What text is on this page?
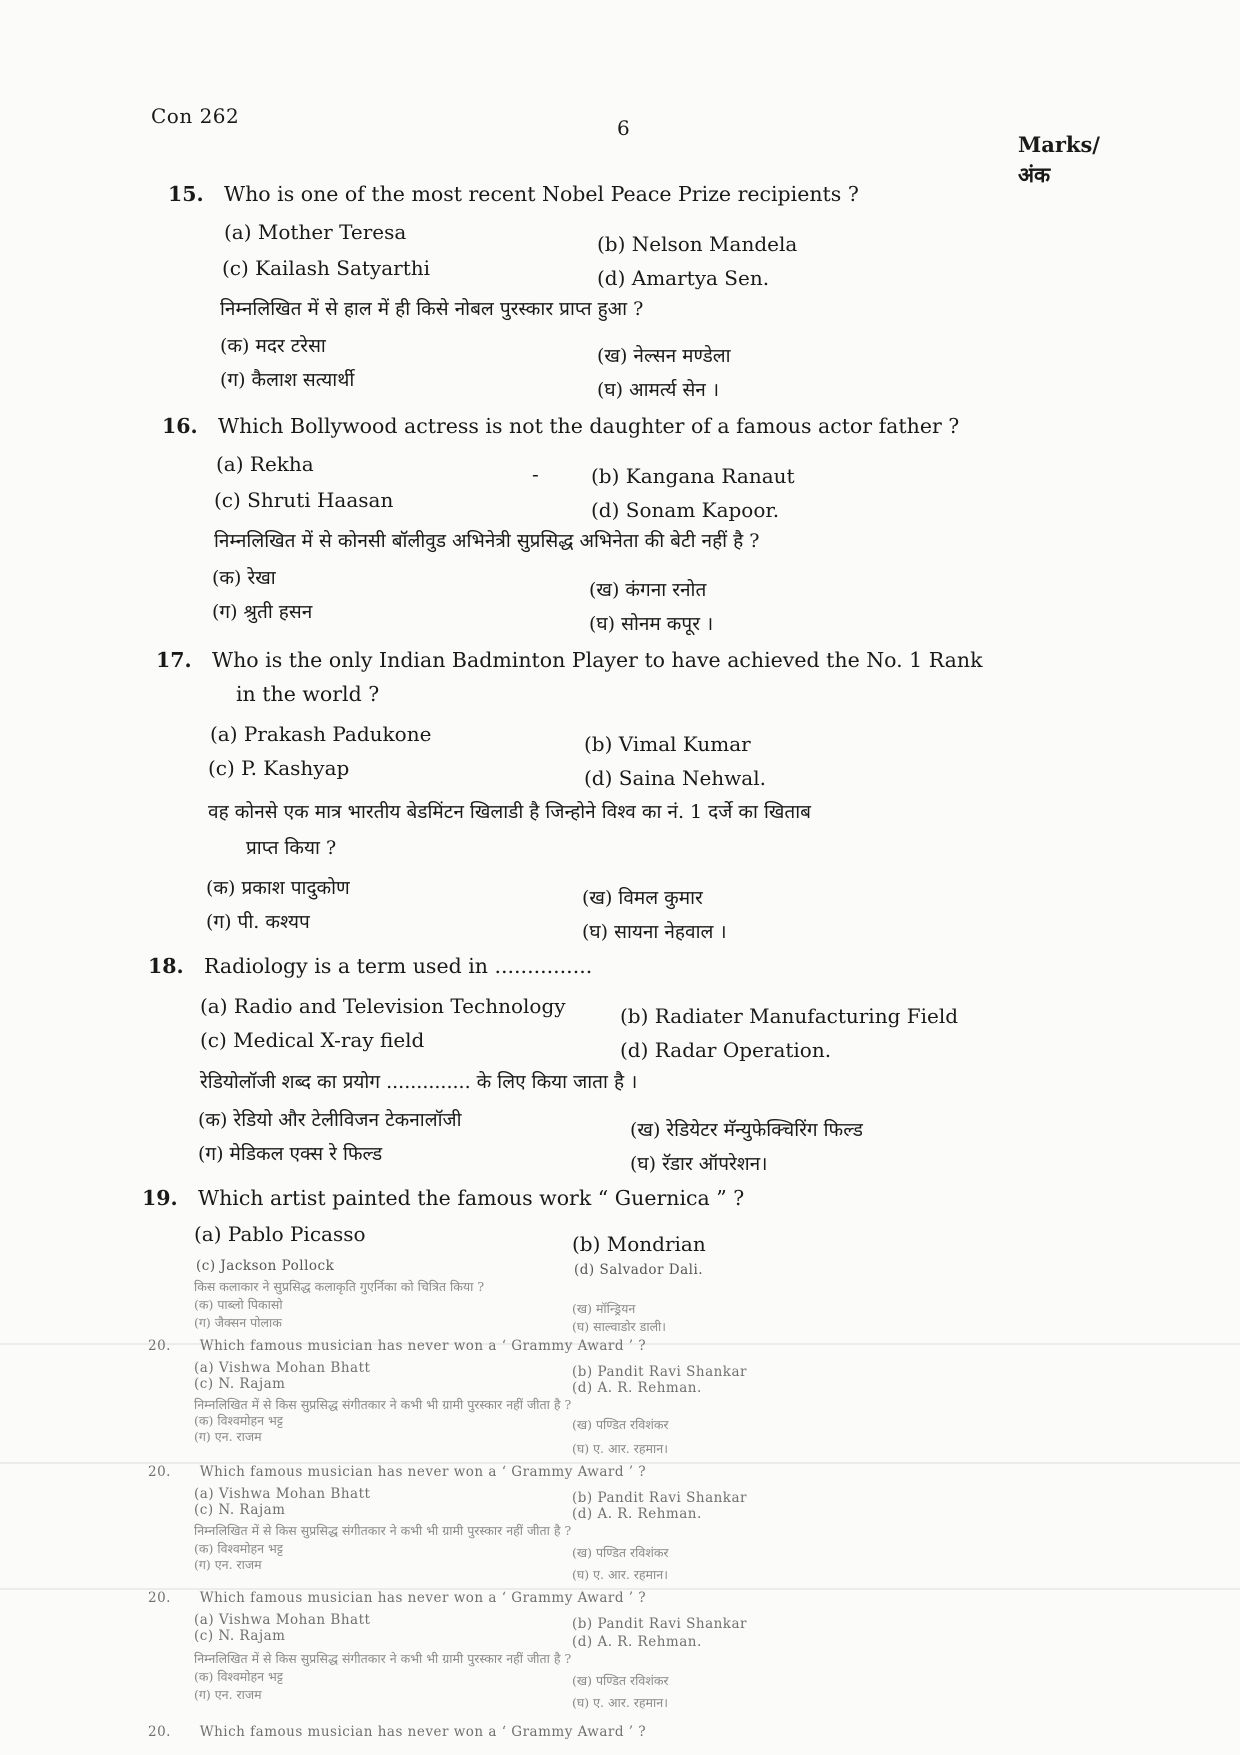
Con 262	6
Marks/
अंक
15. Who is one of the most recent Nobel Peace Prize recipients ?
(a) Mother Teresa	(b) Nelson Mandela
(c) Kailash Satyarthi	(d) Amartya Sen.
निम्नलिखित में से हाल में ही किसे नोबल पुरस्कार प्राप्त हुआ ?
(क) मदर टरेसा	(ख) नेल्सन मण्डेला
(ग) कैलाश सत्यार्थी	(घ) आमर्त्य सेन ।
16. Which Bollywood actress is not the daughter of a famous actor father ?
(a) Rekha	-	(b) Kangana Ranaut
(c) Shruti Haasan	(d) Sonam Kapoor.
निम्नलिखित में से कोनसी बॉलीवुड अभिनेत्री सुप्रसिद्ध अभिनेता की बेटी नहीं है ?
(क) रेखा
(ख) कंगना रनोत
(ग) श्रुती हसन
(घ) सोनम कपूर ।
17. Who is the only Indian Badminton Player to have achieved the No. 1 Rank
in the world ?
(a) Prakash Padukone	(b) Vimal Kumar
(c) P. Kashyap	(d) Saina Nehwal.
वह कोनसे एक मात्र भारतीय बेडमिंटन खिलाडी है जिन्होने विश्व का नं. 1 दर्जे का खिताब
प्राप्त किया ?
(क) प्रकाश पादुकोण	(ख) विमल कुमार
(ग) पी. कश्यप	(घ) सायना नेहवाल ।
18. Radiology is a term used in ...............
(a) Radio and Television Technology	(b) Radiater Manufacturing Field
(c) Medical X-ray field	(d) Radar Operation.
रेडियोलॉजी शब्द का प्रयोग .............. के लिए किया जाता है ।
(क) रेडियो और टेलीविजन टेकनालॉजी	(ख) रेडियेटर मॅन्युफेक्चिरिंग फिल्ड
(ग) मेडिकल एक्स रे फिल्ड	(घ) रॅडार ऑपरेशन।
19. Which artist painted the famous work “ Guernica ” ?
(a) Pablo Picasso	(b) Mondrian
(c) Jackson Pollock	(d) Salvador Dali.
किस कलाकार ने सुप्रसिद्ध कलाकृति गुएर्निका को चित्रित किया ?
(क) पाब्लो पिकासो	(ख) मॉन्ड्रियन
(ग) जैक्सन पोलाक	(घ) साल्वाडोर डाली।
20. Which famous musician has never won a ‘ Grammy Award ’ ?
(a) Vishwa Mohan Bhatt	(b) Pandit Ravi Shankar
(c) N. Rajam	(d) A. R. Rehman.
निम्नलिखित में से किस सुप्रसिद्ध संगीतकार ने कभी भी ग्रामी पुरस्कार नहीं जीता है ?
(क) विश्वमोहन भट्ट	(ख) पण्डित रविशंकर
(ग) एन. राजम
(घ) ए. आर. रहमान।
20. Which famous musician has never won a ‘ Grammy Award ’ ?
(a) Vishwa Mohan Bhatt	(b) Pandit Ravi Shankar
(c) N. Rajam	(d) A. R. Rehman.
निम्नलिखित में से किस सुप्रसिद्ध संगीतकार ने कभी भी ग्रामी पुरस्कार नहीं जीता है ?
(क) विश्वमोहन भट्ट	(ख) पण्डित रविशंकर
(ग) एन. राजम
(घ) ए. आर. रहमान।
20. Which famous musician has never won a ‘ Grammy Award ’ ?
(a) Vishwa Mohan Bhatt	(b) Pandit Ravi Shankar
(c) N. Rajam	(d) A. R. Rehman.
निम्नलिखित में से किस सुप्रसिद्ध संगीतकार ने कभी भी ग्रामी पुरस्कार नहीं जीता है ?
(क) विश्वमोहन भट्ट	(ख) पण्डित रविशंकर
(ग) एन. राजम
(घ) ए. आर. रहमान।
20. Which famous musician has never won a ‘ Grammy Award ’ ?
